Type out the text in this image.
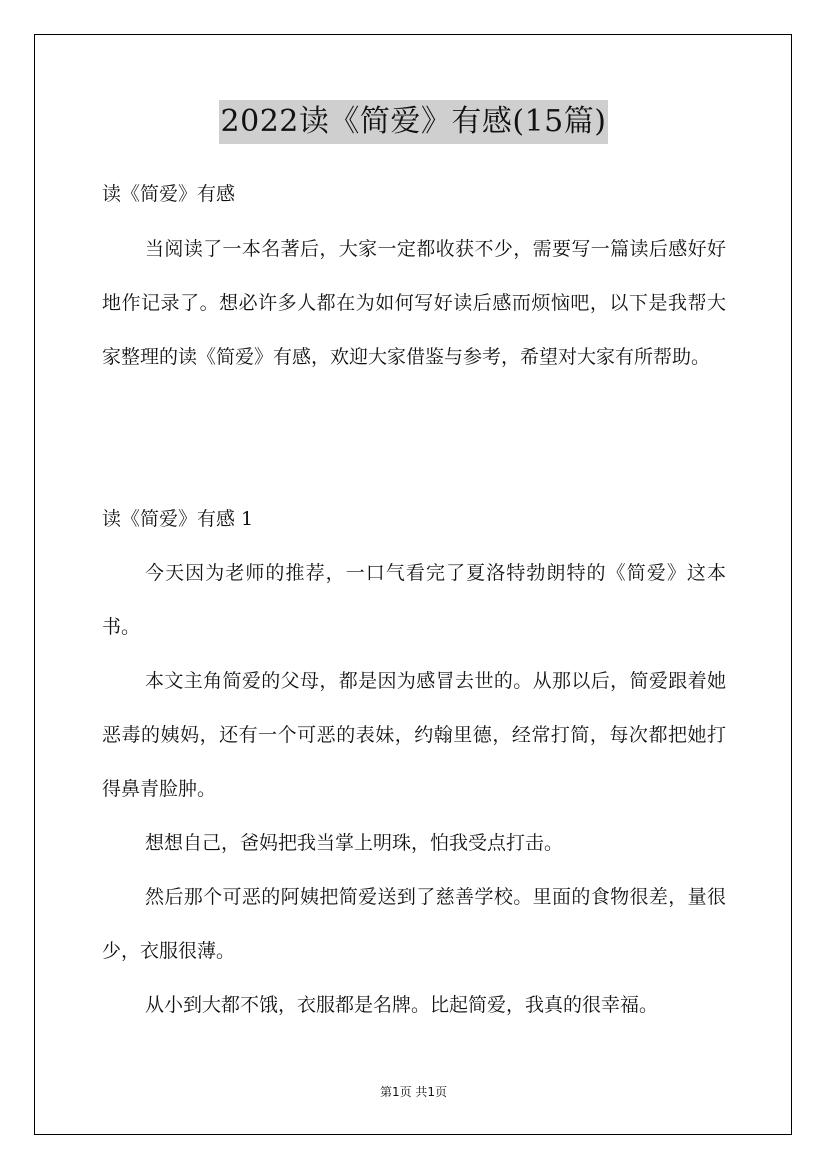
2022读《简爱》有感(15篇)
读《简爱》有感

当阅读了一本名著后，大家一定都收获不少，需要写一篇读后感好好地作记录了。想必许多人都在为如何写好读后感而烦恼吧，以下是我帮大家整理的读《简爱》有感，欢迎大家借鉴与参考，希望对大家有所帮助。

读《简爱》有感 1

今天因为老师的推荐，一口气看完了夏洛特勃朗特的《简爱》这本书。

本文主角简爱的父母，都是因为感冒去世的。从那以后，简爱跟着她恶毒的姨妈，还有一个可恶的表妹，约翰里德，经常打简，每次都把她打得鼻青脸肿。

想想自己，爸妈把我当掌上明珠，怕我受点打击。

然后那个可恶的阿姨把简爱送到了慈善学校。里面的食物很差，量很少，衣服很薄。

从小到大都不饿，衣服都是名牌。比起简爱，我真的很幸福。

第1页 共1页
